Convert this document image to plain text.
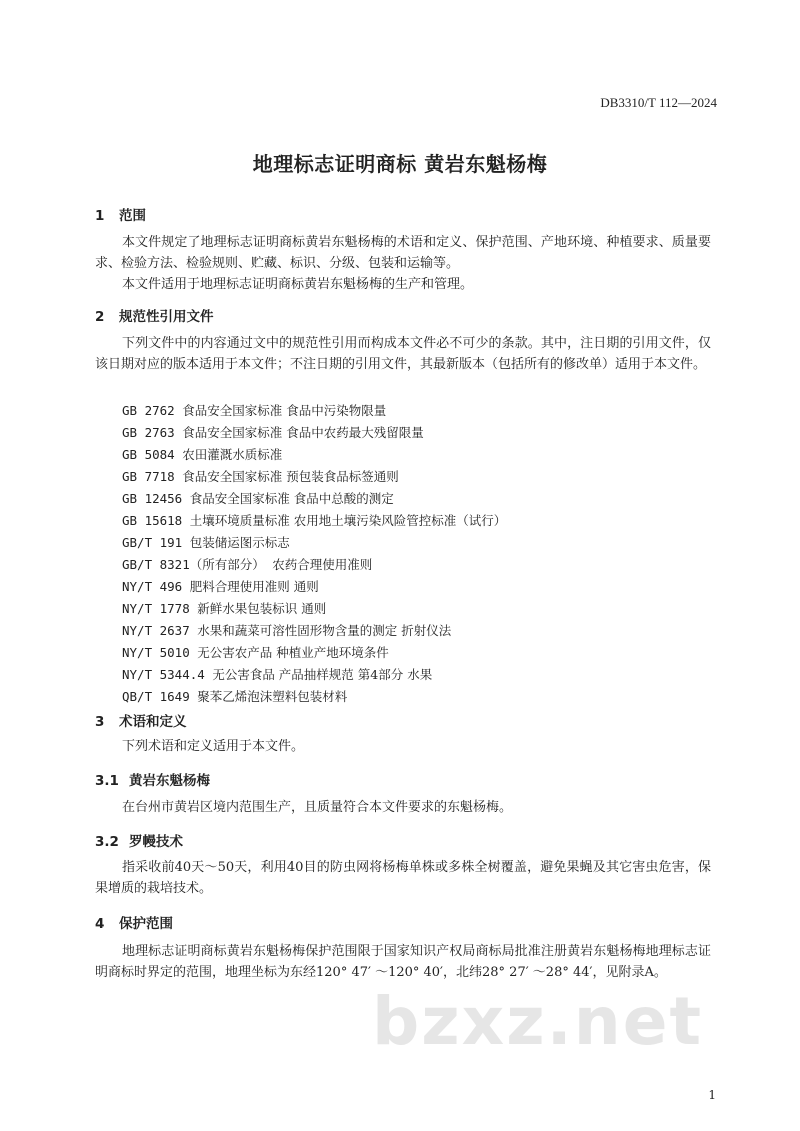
DB3310/T 112—2024
地理标志证明商标 黄岩东魁杨梅
1 范围
本文件规定了地理标志证明商标黄岩东魁杨梅的术语和定义、保护范围、产地环境、种植要求、质量要求、检验方法、检验规则、贮藏、标识、分级、包装和运输等。
本文件适用于地理标志证明商标黄岩东魁杨梅的生产和管理。
2 规范性引用文件
下列文件中的内容通过文中的规范性引用而构成本文件必不可少的条款。其中，注日期的引用文件，仅该日期对应的版本适用于本文件；不注日期的引用文件，其最新版本（包括所有的修改单）适用于本文件。
GB 2762 食品安全国家标准 食品中污染物限量
GB 2763 食品安全国家标准 食品中农药最大残留限量
GB 5084 农田灌溉水质标准
GB 7718 食品安全国家标准 预包装食品标签通则
GB 12456 食品安全国家标准 食品中总酸的测定
GB 15618 土壤环境质量标准 农用地土壤污染风险管控标准（试行）
GB/T 191 包装储运图示标志
GB/T 8321（所有部分） 农药合理使用准则
NY/T 496 肥料合理使用准则 通则
NY/T 1778 新鲜水果包装标识 通则
NY/T 2637 水果和蔬菜可溶性固形物含量的测定 折射仪法
NY/T 5010 无公害农产品 种植业产地环境条件
NY/T 5344.4 无公害食品 产品抽样规范 第4部分 水果
QB/T 1649 聚苯乙烯泡沫塑料包装材料
3 术语和定义
下列术语和定义适用于本文件。
3.1 黄岩东魁杨梅
在台州市黄岩区境内范围生产，且质量符合本文件要求的东魁杨梅。
3.2 罗幔技术
指采收前40天～50天，利用40目的防虫网将杨梅单株或多株全树覆盖，避免果蝇及其它害虫危害，保果增质的栽培技术。
4 保护范围
地理标志证明商标黄岩东魁杨梅保护范围限于国家知识产权局商标局批准注册黄岩东魁杨梅地理标志证明商标时界定的范围，地理坐标为东经120° 47′ ～120° 40′，北纬28° 27′ ～28° 44′，见附录A。
bzxz.net
1
